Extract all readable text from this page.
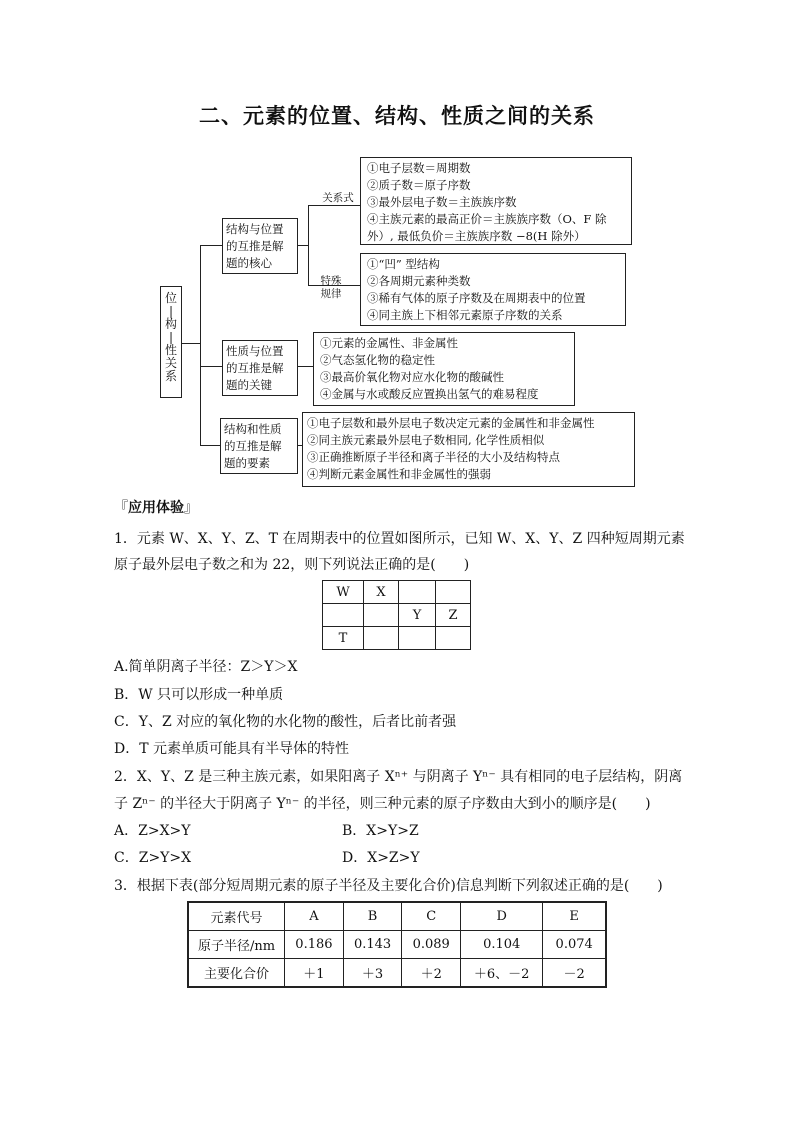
二、元素的位置、结构、性质之间的关系
位
|
构
|
性
关
系
结构与位置
的互推是解
题的核心
关系式
特殊 规律
①电子层数＝周期数
②质子数＝原子序数
③最外层电子数＝主族族序数
④主族元素的最高正价＝主族族序数（O、F 除
外）, 最低负价＝主族族序数 −8(H 除外）
①“凹” 型结构
②各周期元素种类数
③稀有气体的原子序数及在周期表中的位置
④同主族上下相邻元素原子序数的关系
性质与位置
的互推是解
题的关键
①元素的金属性、非金属性
②气态氢化物的稳定性
③最高价氧化物对应水化物的酸碱性
④金属与水或酸反应置换出氢气的难易程度
结构和性质
的互推是解
题的要素
①电子层数和最外层电子数决定元素的金属性和非金属性
②同主族元素最外层电子数相同, 化学性质相似
③正确推断原子半径和离子半径的大小及结构特点
④判断元素金属性和非金属性的强弱
『应用体验』
1．元素 W、X、Y、Z、T 在周期表中的位置如图所示，已知 W、X、Y、Z 四种短周期元素
原子最外层电子数之和为 22，则下列说法正确的是(　　)
W	X		
		Y	Z
T			
A.简单阴离子半径：Z＞Y＞X
B．W 只可以形成一种单质
C．Y、Z 对应的氧化物的水化物的酸性，后者比前者强
D．T 元素单质可能具有半导体的特性
2．X、Y、Z 是三种主族元素，如果阳离子 Xⁿ⁺ 与阴离子 Yⁿ⁻ 具有相同的电子层结构，阴离
子 Zⁿ⁻ 的半径大于阴离子 Yⁿ⁻ 的半径，则三种元素的原子序数由大到小的顺序是(　　)
A．Z>X>Y	B．X>Y>Z
C．Z>Y>X	D．X>Z>Y
3．根据下表(部分短周期元素的原子半径及主要化合价)信息判断下列叙述正确的是(　　)
元素代号	A	B	C	D	E
原子半径/nm	0.186	0.143	0.089	0.104	0.074
主要化合价	＋1	＋3	＋2	＋6、－2	－2
